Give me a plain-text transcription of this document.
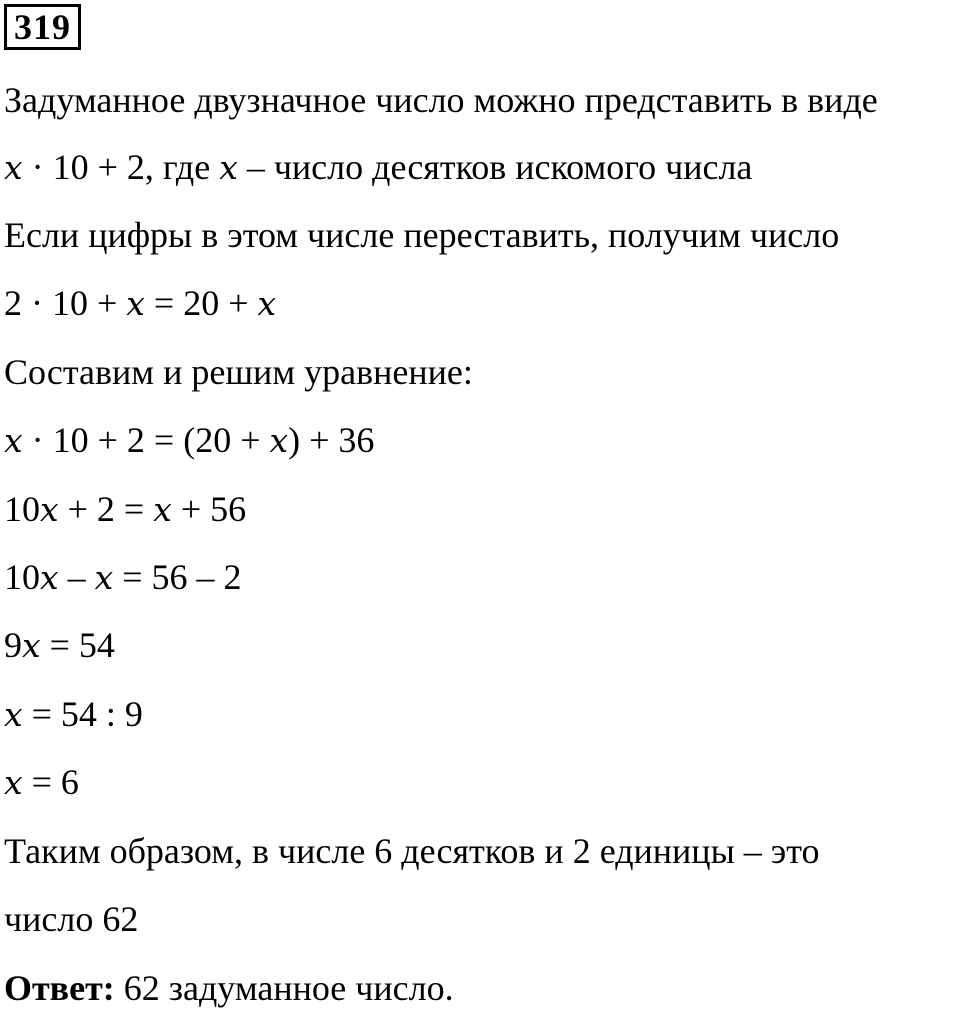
319
Задуманное двузначное число можно представить в виде
𝑥 · 10 + 2, где 𝑥 – число десятков искомого числа
Если цифры в этом числе переставить, получим число
2 · 10 + 𝑥 = 20 + 𝑥
Составим и решим уравнение:
𝑥 · 10 + 2 = (20 + 𝑥) + 36
10𝑥 + 2 = 𝑥 + 56
10𝑥 – 𝑥 = 56 – 2
9𝑥 = 54
𝑥 = 54 : 9
𝑥 = 6
Таким образом, в числе 6 десятков и 2 единицы – это
число 62
Ответ: 62 задуманное число.
